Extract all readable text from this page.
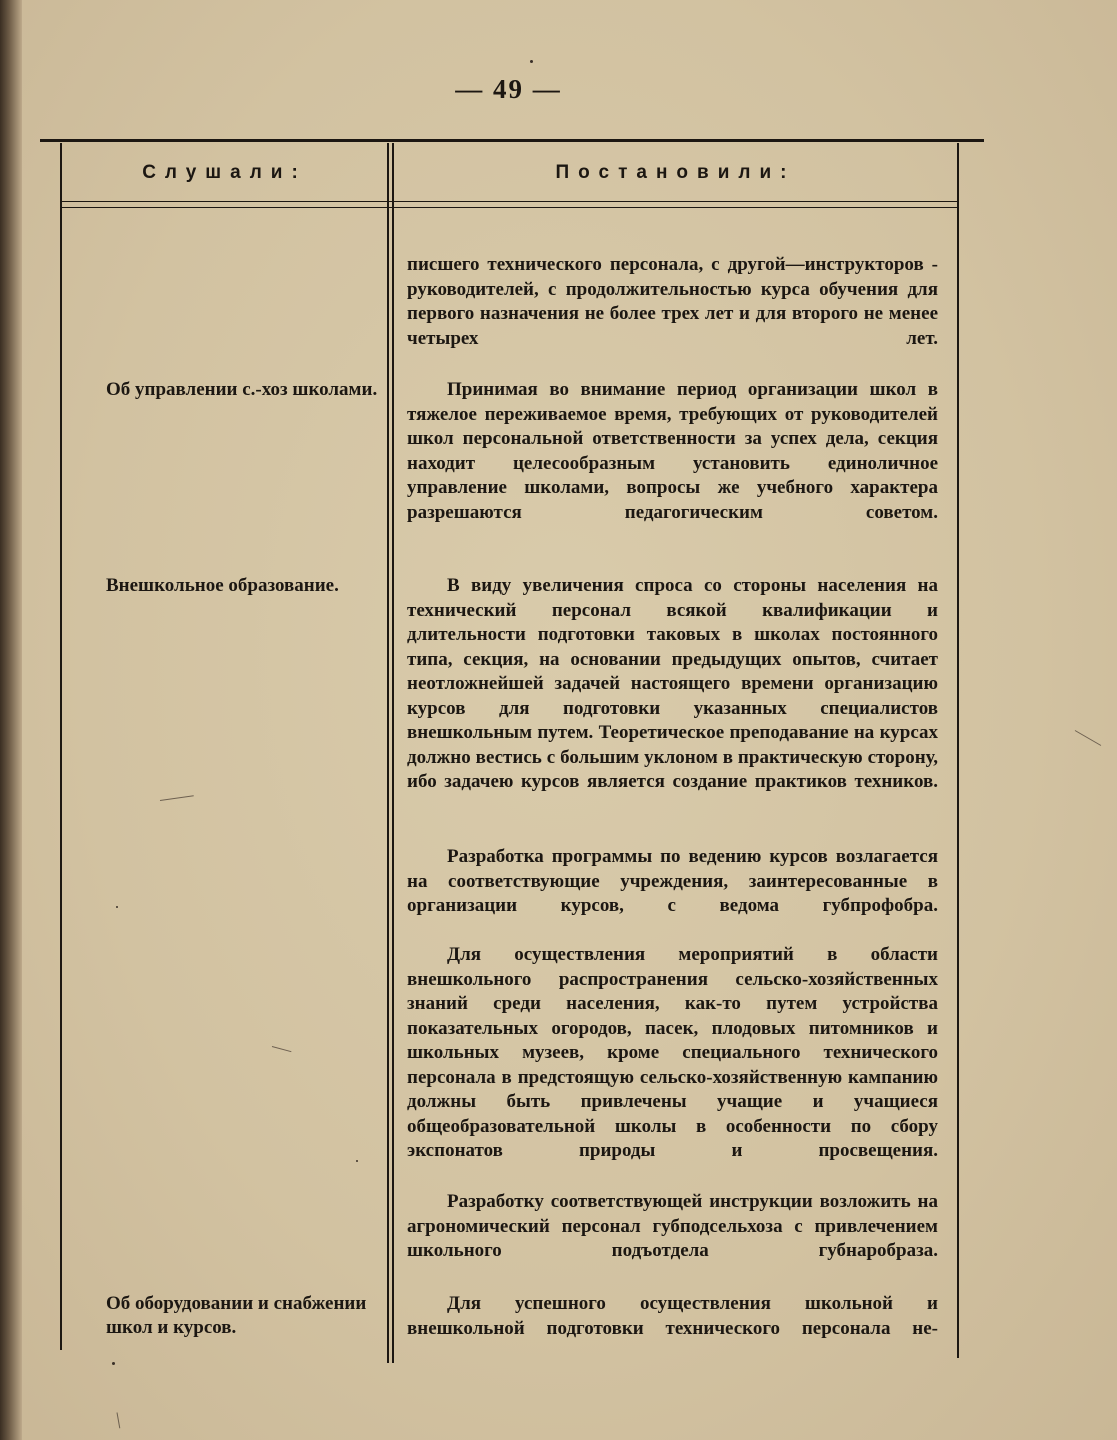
— 49 —
Слушали:	Постановили:
Об управлении с.-хоз школами.
Внешкольное образование.
Об оборудовании и снабжении школ и курсов.

писшего технического персонала, с другой—инструкторов - руководителей, с продолжительностью курса обучения для первого назначения не более трех лет и для второго не менее четырех лет.

Принимая во внимание период организации школ в тяжелое переживаемое время, требующих от руководителей школ персональной ответственности за успех дела, секция находит целесообразным установить единоличное управление школами, вопросы же учебного характера разрешаются педагогическим советом.

В виду увеличения спроса со стороны населения на технический персонал всякой квалификации и длительности подготовки таковых в школах постоянного типа, секция, на основании предыдущих опытов, считает неотложнейшей задачей настоящего времени организацию курсов для подготовки указанных специалистов внешкольным путем. Теоретическое преподавание на курсах должно вестись с большим уклоном в практическую сторону, ибо задачею курсов является создание практиков техников.

Разработка программы по ведению курсов возлагается на соответствующие учреждения, заинтересованные в организации курсов, с ведома губпрофобра.

Для осуществления мероприятий в области внешкольного распространения сельско-хозяйственных знаний среди населения, как-то путем устройства показательных огородов, пасек, плодовых питомников и школьных музеев, кроме специального технического персонала в предстоящую сельско-хозяйственную кампанию должны быть привлечены учащие и учащиеся общеобразовательной школы в особенности по сбору экспонатов природы и просвещения.

Разработку соответствующей инструкции возложить на агрономический персонал губподсельхоза с привлечением школьного подъотдела губнаробраза.

Для успешного осуществления школьной и внешкольной подготовки технического персонала не-
